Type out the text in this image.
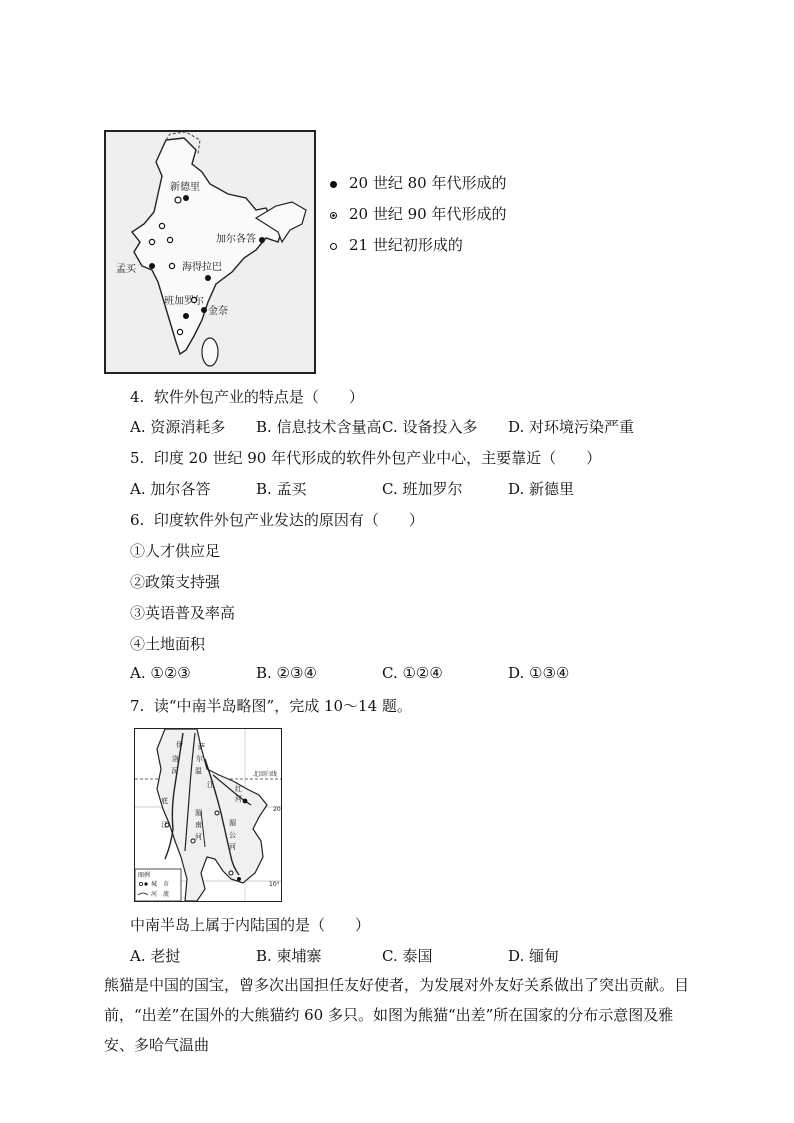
新德里
加尔各答
孟买	海得拉巴
班加罗尔
金奈
20 世纪 80 年代形成的
20 世纪 90 年代形成的
21 世纪初形成的
4. 软件外包产业的特点是（　　）
A. 资源消耗多 B. 信息技术含量高 C. 设备投入多 D. 对环境污染严重
5. 印度 20 世纪 90 年代形成的软件外包产业中心，主要靠近（　　）
A. 加尔各答	B. 孟买	C. 班加罗尔	D. 新德里
6. 印度软件外包产业发达的原因有（　　）
①人才供应足
②政策支持强
③英语普及率高
④土地面积
A. ①②③	B. ②③④	C. ①②④	D. ①③④
7. 读“中南半岛略图”，完成 10～14 题。
伊
洛
瓦
底
江
萨
尔
温
江	红
河
湄
南
河
湄
公
河
北回归线
20
10°
图例
城　市
河　流
中南半岛上属于内陆国的是（　　）
A. 老挝	B. 柬埔寨	C. 泰国	D. 缅甸
熊猫是中国的国宝，曾多次出国担任友好使者，为发展对外友好关系做出了突出贡献。目前，“出差”在国外的大熊猫约 60 多只。如图为熊猫“出差”所在国家的分布示意图及雅安、多哈气温曲
